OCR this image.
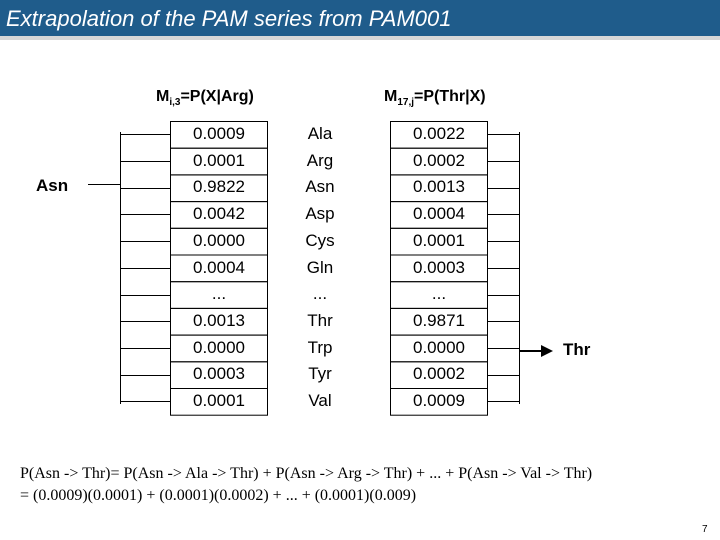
Extrapolation of the PAM series from PAM001
$M_{i,3}=P(X|Arg)$	$M_{17,j}=P(Thr|X)$
Asn
Thr
0.0009
0.0001
0.9822
0.0042
0.0000
0.0004
...
0.0013
0.0000
0.0003
0.0001
Ala
Arg
Asn
Asp
Cys
Gln
...
Thr
Trp
Tyr
Val
0.0022
0.0002
0.0013
0.0004
0.0001
0.0003
...
0.9871
0.0000
0.0002
0.0009
P(Asn -> Thr)= P(Asn -> Ala -> Thr) + P(Asn -> Arg -> Thr) + ... + P(Asn -> Val -> Thr)
= (0.0009)(0.0001) + (0.0001)(0.0002) + ... + (0.0001)(0.009)
7
